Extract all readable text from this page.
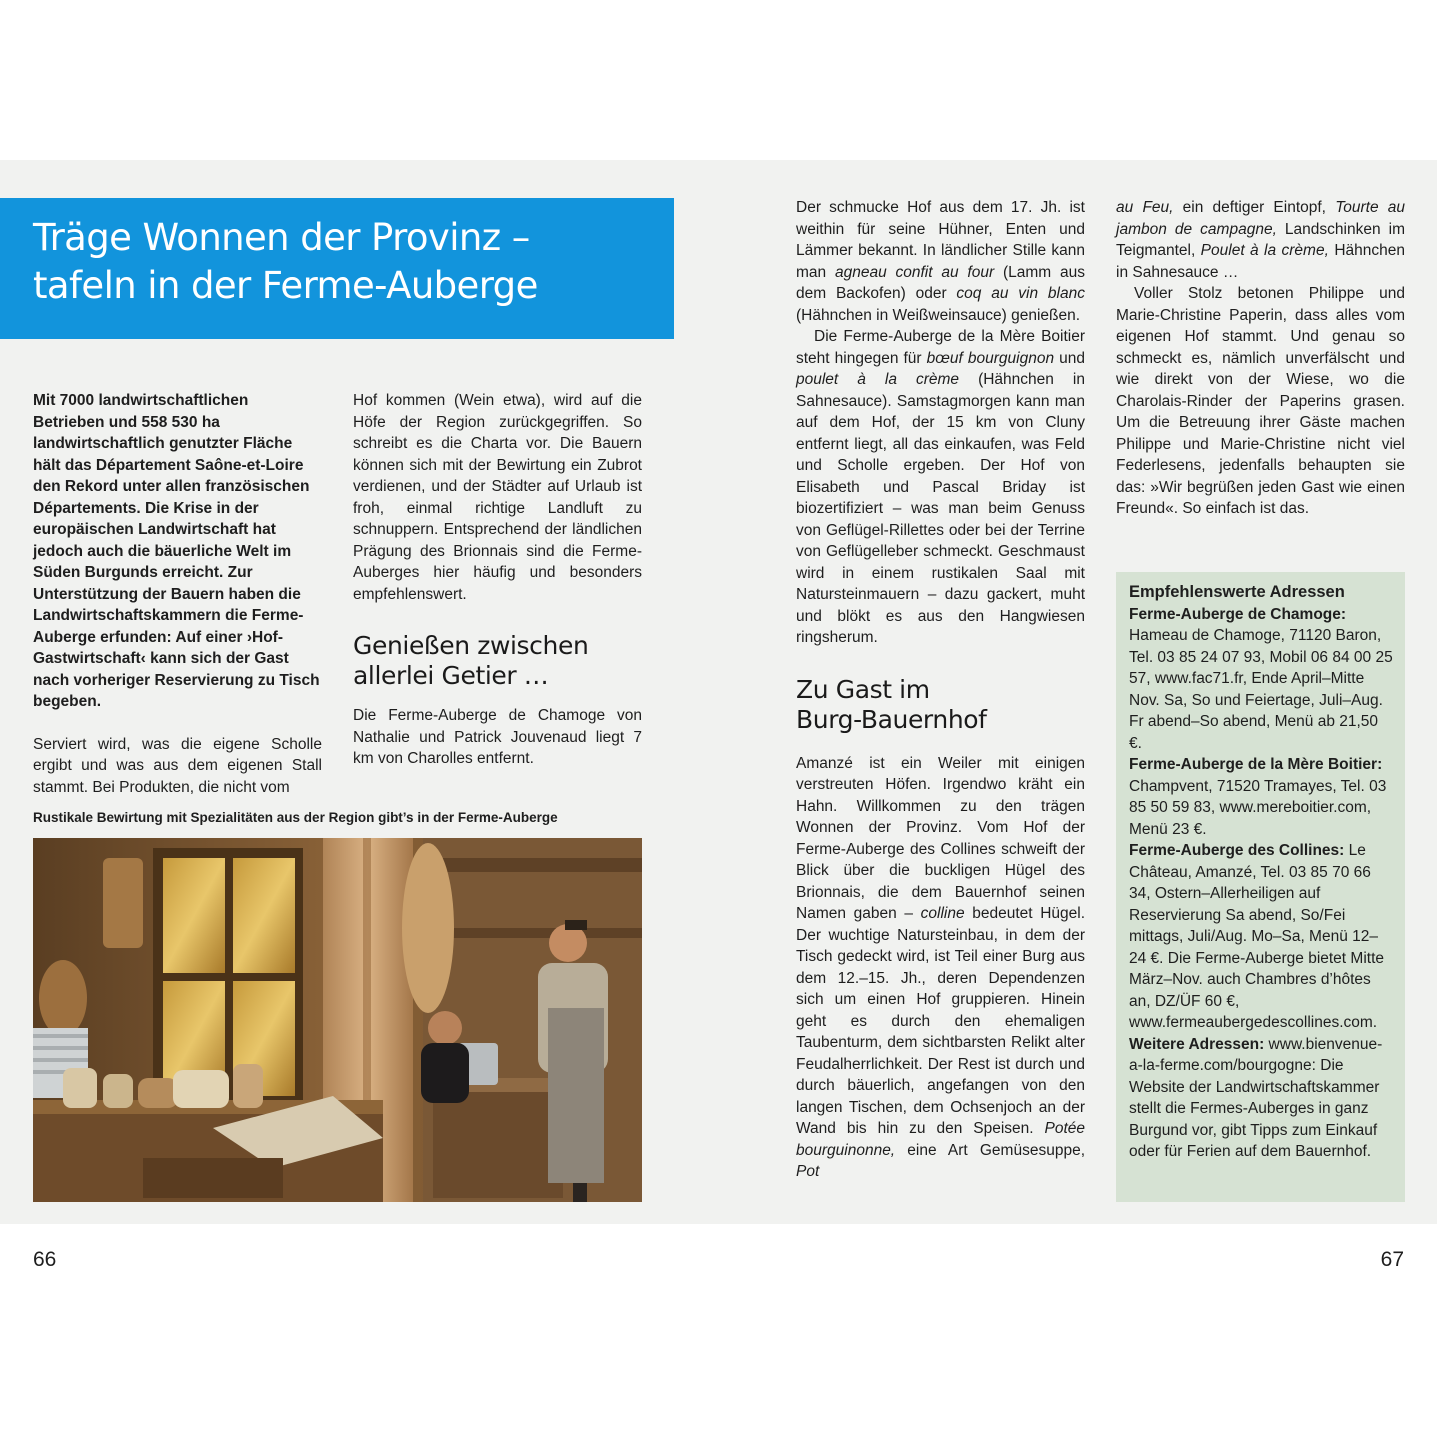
Träge Wonnen der Provinz –
tafeln in der Ferme-Auberge

Mit 7000 landwirtschaftlichen Betrieben und 558 530 ha landwirtschaftlich genutzter Fläche hält das Département Saône-et-Loire den Rekord unter allen französischen Départements. Die Krise in der europäischen Landwirtschaft hat jedoch auch die bäuerliche Welt im Süden Burgunds erreicht. Zur Unterstützung der Bauern haben die Landwirtschaftskammern die Ferme-Auberge erfunden: Auf einer ›Hof-Gastwirtschaft‹ kann sich der Gast nach vorheriger Reservierung zu Tisch begeben.

Serviert wird, was die eigene Scholle ergibt und was aus dem eigenen Stall stammt. Bei Produkten, die nicht vom

Hof kommen (Wein etwa), wird auf die Höfe der Region zurückgegriffen. So schreibt es die Charta vor. Die Bauern können sich mit der Bewirtung ein Zubrot verdienen, und der Städter auf Urlaub ist froh, einmal richtige Landluft zu schnuppern. Entsprechend der ländlichen Prägung des Brionnais sind die Ferme-Auberges hier häufig und besonders empfehlenswert.

Genießen zwischen
allerlei Getier …

Die Ferme-Auberge de Chamoge von Nathalie und Patrick Jouvenaud liegt 7 km von Charolles entfernt.

Rustikale Bewirtung mit Spezialitäten aus der Region gibt’s in der Ferme-Auberge

Der schmucke Hof aus dem 17. Jh. ist weithin für seine Hühner, Enten und Lämmer bekannt. In ländlicher Stille kann man agneau confit au four (Lamm aus dem Backofen) oder coq au vin blanc (Hähnchen in Weißweinsauce) genießen.

Die Ferme-Auberge de la Mère Boitier steht hingegen für bœuf bourguignon und poulet à la crème (Hähnchen in Sahnesauce). Samstagmorgen kann man auf dem Hof, der 15 km von Cluny entfernt liegt, all das einkaufen, was Feld und Scholle ergeben. Der Hof von Elisabeth und Pascal Briday ist biozertifiziert – was man beim Genuss von Geflügel-Rillettes oder bei der Terrine von Geflügelleber schmeckt. Geschmaust wird in einem rustikalen Saal mit Natursteinmauern – dazu gackert, muht und blökt es aus den Hangwiesen ringsherum.

Zu Gast im
Burg-Bauernhof

Amanzé ist ein Weiler mit einigen verstreuten Höfen. Irgendwo kräht ein Hahn. Willkommen zu den trägen Wonnen der Provinz. Vom Hof der Ferme-Auberge des Collines schweift der Blick über die buckligen Hügel des Brionnais, die dem Bauernhof seinen Namen gaben – colline bedeutet Hügel. Der wuchtige Natursteinbau, in dem der Tisch gedeckt wird, ist Teil einer Burg aus dem 12.–15. Jh., deren Dependenzen sich um einen Hof gruppieren. Hinein geht es durch den ehemaligen Taubenturm, dem sichtbarsten Relikt alter Feudalherrlichkeit. Der Rest ist durch und durch bäuerlich, angefangen von den langen Tischen, dem Ochsenjoch an der Wand bis hin zu den Speisen. Potée bourguinonne, eine Art Gemüsesuppe, Pot

au Feu, ein deftiger Eintopf, Tourte au jambon de campagne, Landschinken im Teigmantel, Poulet à la crème, Hähnchen in Sahnesauce …

Voller Stolz betonen Philippe und Marie-Christine Paperin, dass alles vom eigenen Hof stammt. Und genau so schmeckt es, nämlich unverfälscht und wie direkt von der Wiese, wo die Charolais-Rinder der Paperins grasen. Um die Betreuung ihrer Gäste machen Philippe und Marie-Christine nicht viel Federlesens, jedenfalls behaupten sie das: »Wir begrüßen jeden Gast wie einen Freund«. So einfach ist das.

Empfehlenswerte Adressen

Ferme-Auberge de Chamoge: Hameau de Chamoge, 71120 Baron, Tel. 03 85 24 07 93, Mobil 06 84 00 25 57, www.fac71.fr, Ende April–Mitte Nov. Sa, So und Feiertage, Juli–Aug. Fr abend–So abend, Menü ab 21,50 €.

Ferme-Auberge de la Mère Boitier: Champvent, 71520 Tramayes, Tel. 03 85 50 59 83, www.mereboitier.com, Menü 23 €.

Ferme-Auberge des Collines: Le Château, Amanzé, Tel. 03 85 70 66 34, Ostern–Allerheiligen auf Reservierung Sa abend, So/Fei mittags, Juli/Aug. Mo–Sa, Menü 12–24 €. Die Ferme-Auberge bietet Mitte März–Nov. auch Chambres d’hôtes an, DZ/ÜF 60 €, www.fermeaubergedescollines.com.

Weitere Adressen: www.bienvenue-a-la-ferme.com/bourgogne: Die Website der Landwirtschaftskammer stellt die Fermes-Auberges in ganz Burgund vor, gibt Tipps zum Einkauf oder für Ferien auf dem Bauernhof.

66	67
